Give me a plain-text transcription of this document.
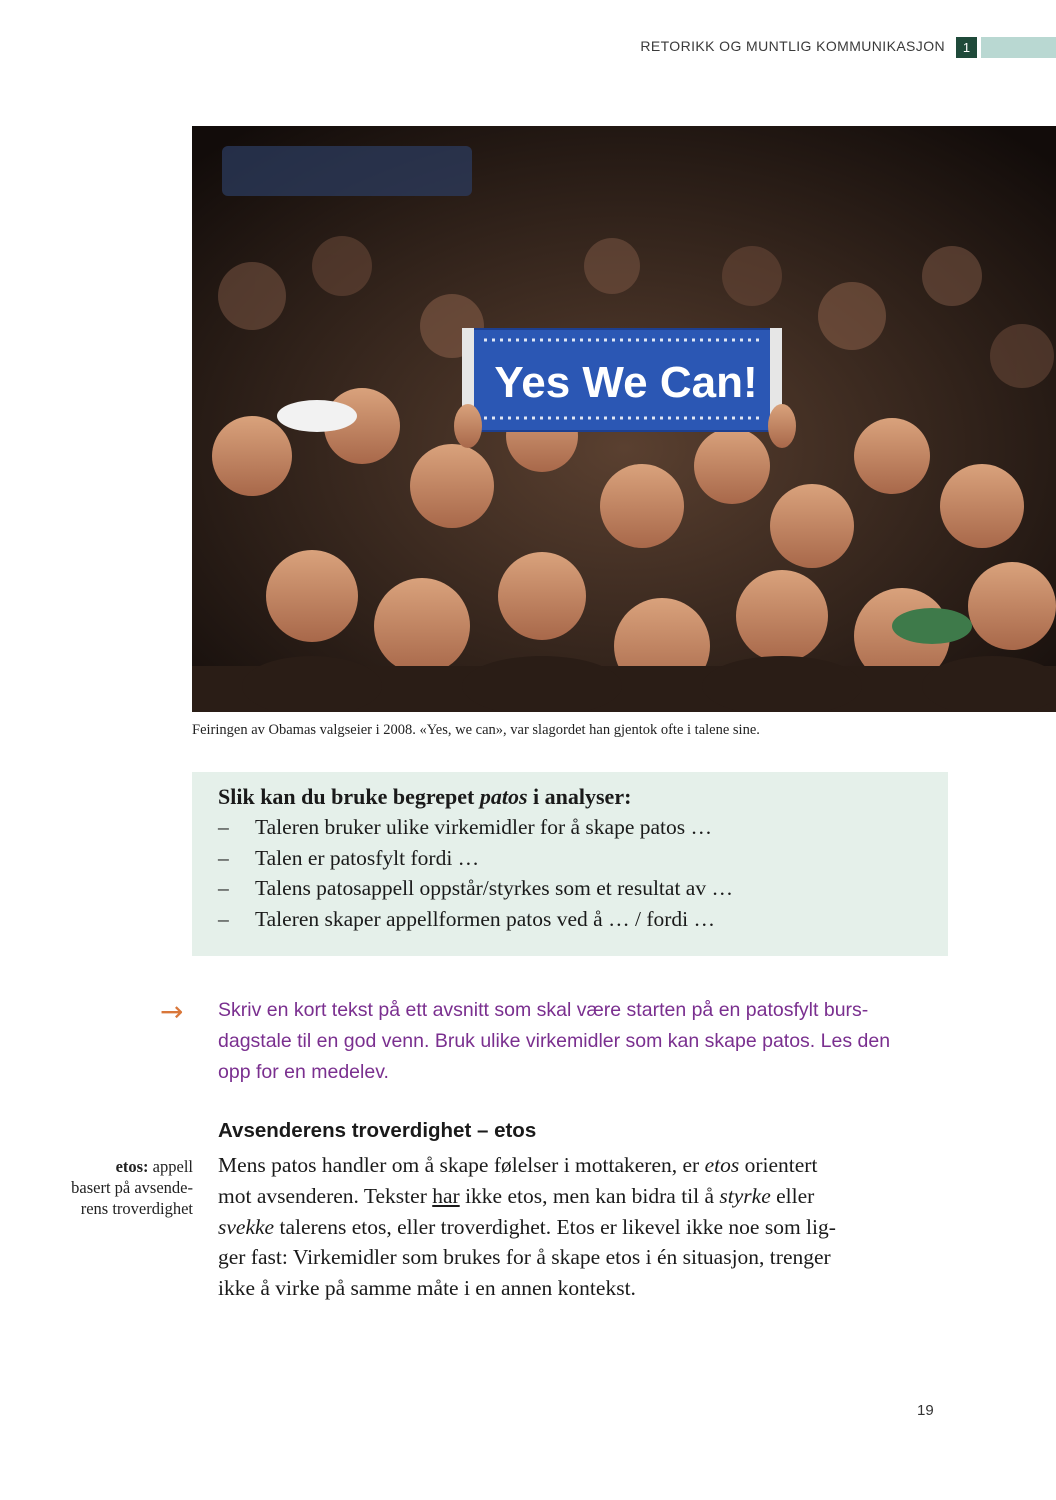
RETORIKK OG MUNTLIG KOMMUNIKASJON	1
Yes We Can!
Feiringen av Obamas valgseier i 2008. «Yes, we can», var slagordet han gjentok ofte i talene sine.
Slik kan du bruke begrepet patos i analyser:
– Taleren bruker ulike virkemidler for å skape patos …
– Talen er patosfylt fordi …
– Talens patosappell oppstår/styrkes som et resultat av …
– Taleren skaper appellformen patos ved å … / fordi …
→ Skriv en kort tekst på ett avsnitt som skal være starten på en patosfylt burs-
dagstale til en god venn. Bruk ulike virkemidler som kan skape patos. Les den
opp for en medelev.
Avsenderens troverdighet – etos
etos: appell
basert på avsende-
rens troverdighet
Mens patos handler om å skape følelser i mottakeren, er etos orientert
mot avsenderen. Tekster har ikke etos, men kan bidra til å styrke eller
svekke talerens etos, eller troverdighet. Etos er likevel ikke noe som lig-
ger fast: Virkemidler som brukes for å skape etos i én situasjon, trenger
ikke å virke på samme måte i en annen kontekst.
19
